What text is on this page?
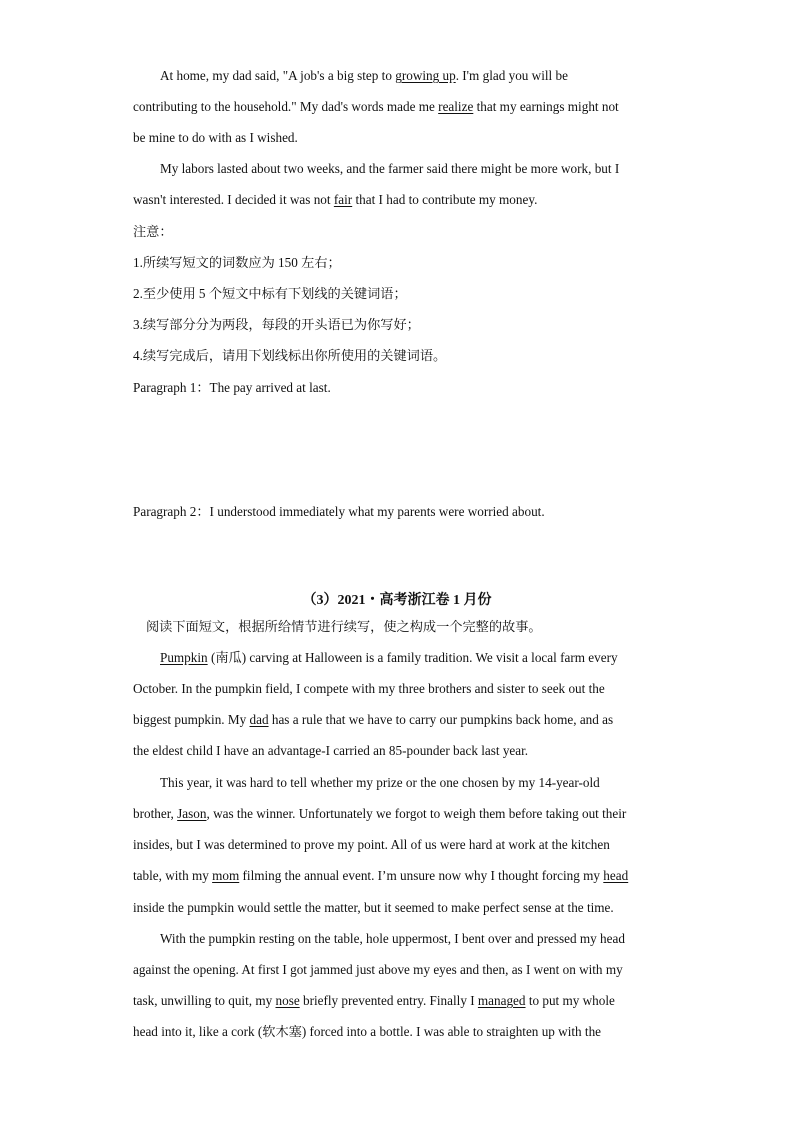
At home, my dad said, "A job's a big step to growing up. I'm glad you will be
contributing to the household." My dad's words made me realize that my earnings might not
be mine to do with as I wished.
My labors lasted about two weeks, and the farmer said there might be more work, but I
wasn't interested. I decided it was not fair that I had to contribute my money.
注意：
1.所续写短文的词数应为 150 左右；
2.至少使用 5 个短文中标有下划线的关键词语；
3.续写部分分为两段，每段的开头语已为你写好；
4.续写完成后，请用下划线标出你所使用的关键词语。
Paragraph 1：The pay arrived at last.
Paragraph 2：I understood immediately what my parents were worried about.
（3）2021・高考浙江卷 1 月份
阅读下面短文，根据所给情节进行续写，使之构成一个完整的故事。
Pumpkin (南瓜) carving at Halloween is a family tradition. We visit a local farm every
October. In the pumpkin field, I compete with my three brothers and sister to seek out the
biggest pumpkin. My dad has a rule that we have to carry our pumpkins back home, and as
the eldest child I have an advantage-I carried an 85-pounder back last year.
This year, it was hard to tell whether my prize or the one chosen by my 14-year-old
brother, Jason, was the winner. Unfortunately we forgot to weigh them before taking out their
insides, but I was determined to prove my point. All of us were hard at work at the kitchen
table, with my mom filming the annual event. I’m unsure now why I thought forcing my head
inside the pumpkin would settle the matter, but it seemed to make perfect sense at the time.
With the pumpkin resting on the table, hole uppermost, I bent over and pressed my head
against the opening. At first I got jammed just above my eyes and then, as I went on with my
task, unwilling to quit, my nose briefly prevented entry. Finally I managed to put my whole
head into it, like a cork (软木塞) forced into a bottle. I was able to straighten up with the
